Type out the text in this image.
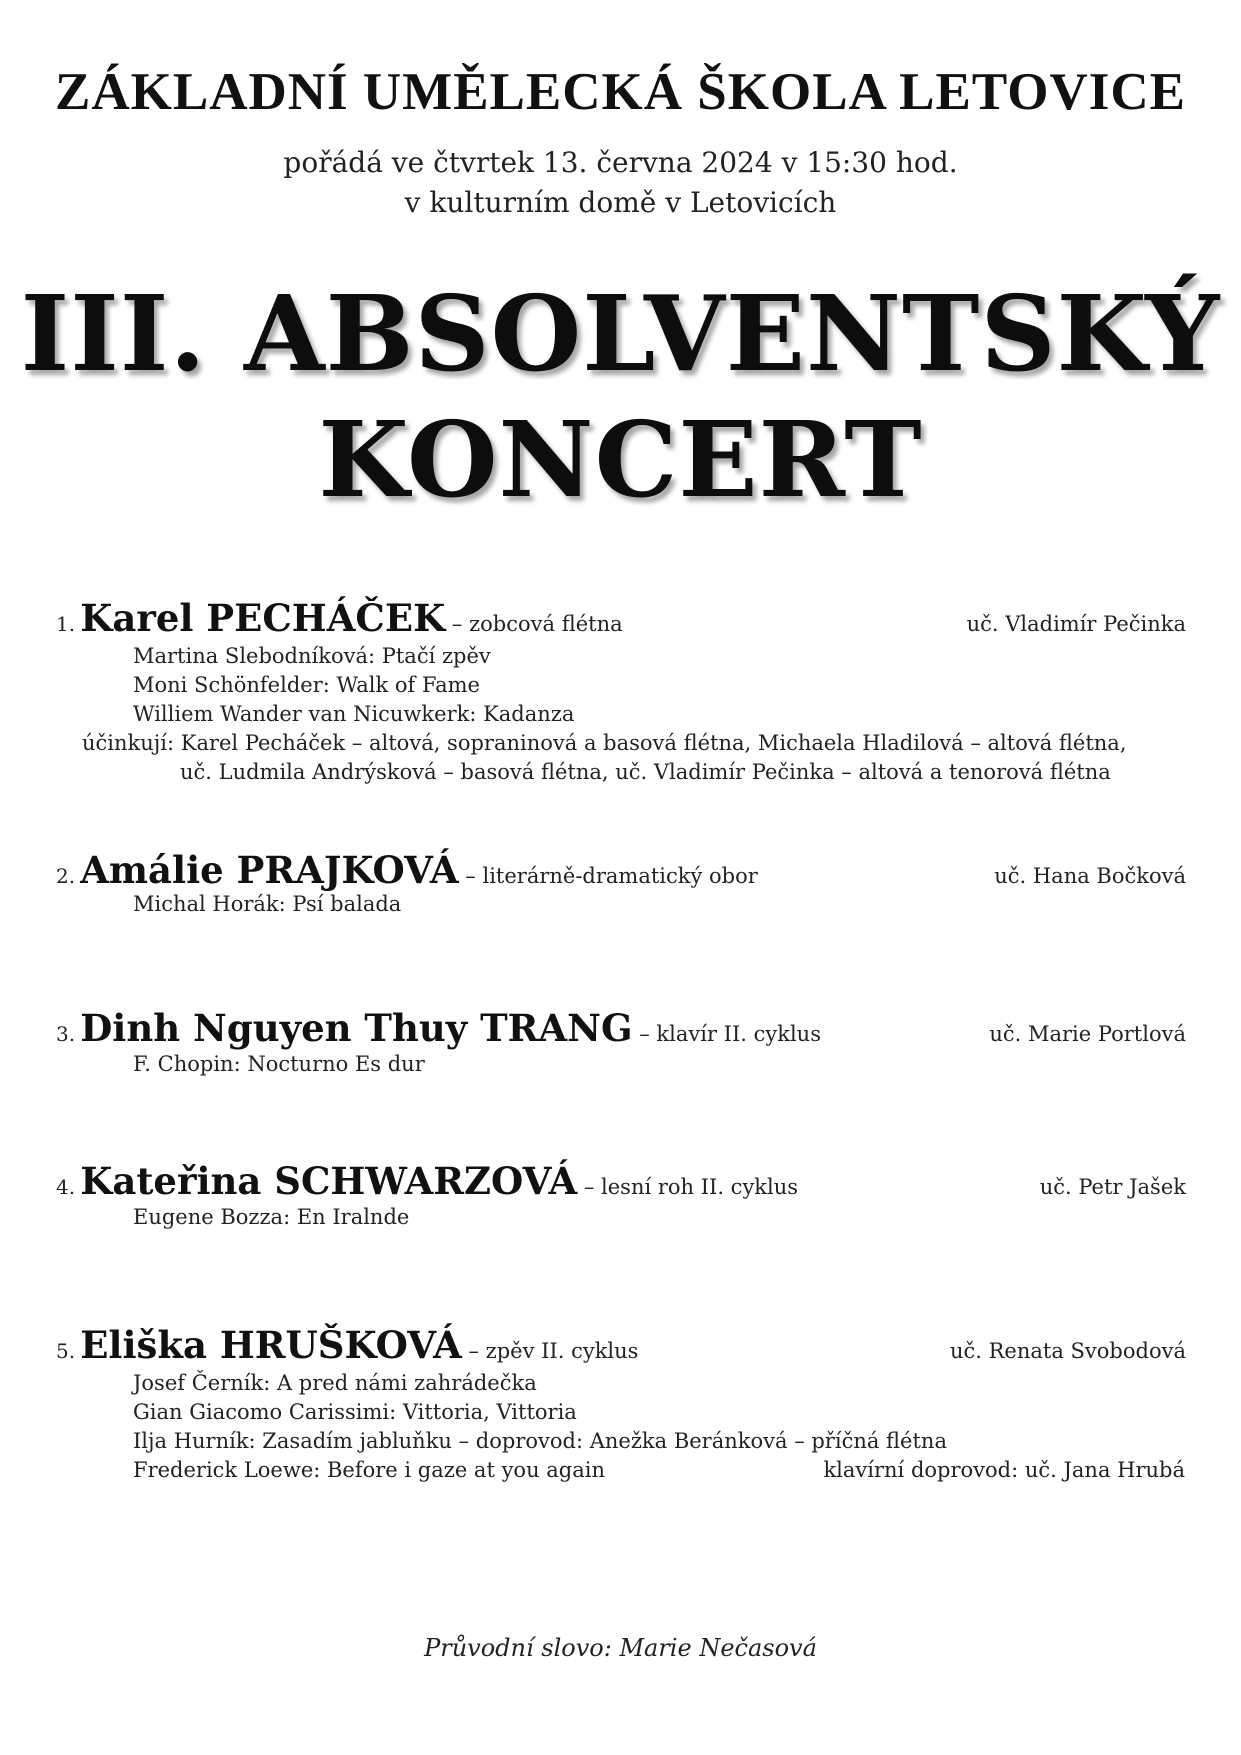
ZÁKLADNÍ UMĚLECKÁ ŠKOLA LETOVICE
pořádá ve čtvrtek 13. června 2024 v 15:30 hod.
v kulturním domě v Letovicích
III. ABSOLVENTSKÝ
KONCERT
1. Karel PECHÁČEK – zobcová flétna	uč. Vladimír Pečinka
Martina Slebodníková: Ptačí zpěv
Moni Schönfelder: Walk of Fame
Williem Wander van Nicuwkerk: Kadanza
účinkují: Karel Pecháček – altová, sopraninová a basová flétna, Michaela Hladilová – altová flétna,
uč. Ludmila Andrýsková – basová flétna, uč. Vladimír Pečinka – altová a tenorová flétna
2. Amálie PRAJKOVÁ – literárně-dramatický obor	uč. Hana Bočková
Michal Horák: Psí balada
3. Dinh Nguyen Thuy TRANG – klavír II. cyklus	uč. Marie Portlová
F. Chopin: Nocturno Es dur
4. Kateřina SCHWARZOVÁ – lesní roh II. cyklus	uč. Petr Jašek
Eugene Bozza: En Iralnde
5. Eliška HRUŠKOVÁ – zpěv II. cyklus	uč. Renata Svobodová
Josef Černík: A pred námi zahrádečka
Gian Giacomo Carissimi: Vittoria, Vittoria
Ilja Hurník: Zasadím jabluňku – doprovod: Anežka Beránková – příčná flétna
Frederick Loewe: Before i gaze at you again	klavírní doprovod: uč. Jana Hrubá
Průvodní slovo: Marie Nečasová
